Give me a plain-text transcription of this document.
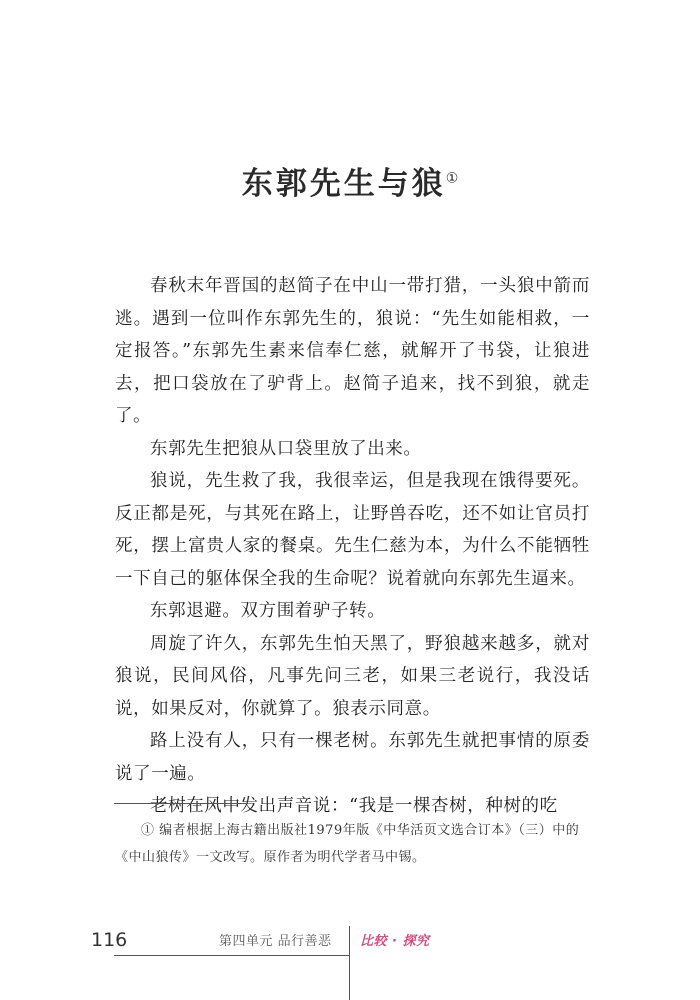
东郭先生与狼①

春秋末年晋国的赵简子在中山一带打猎，一头狼中箭而逃。遇到一位叫作东郭先生的，狼说：“先生如能相救，一定报答。”东郭先生素来信奉仁慈，就解开了书袋，让狼进去，把口袋放在了驴背上。赵简子追来，找不到狼，就走了。

东郭先生把狼从口袋里放了出来。

狼说，先生救了我，我很幸运，但是我现在饿得要死。反正都是死，与其死在路上，让野兽吞吃，还不如让官员打死，摆上富贵人家的餐桌。先生仁慈为本，为什么不能牺牲一下自己的躯体保全我的生命呢？说着就向东郭先生逼来。

东郭退避。双方围着驴子转。

周旋了许久，东郭先生怕天黑了，野狼越来越多，就对狼说，民间风俗，凡事先问三老，如果三老说行，我没话说，如果反对，你就算了。狼表示同意。

路上没有人，只有一棵老树。东郭先生就把事情的原委说了一遍。

老树在风中发出声音说：“我是一棵杏树，种树的吃

① 编者根据上海古籍出版社1979年版《中华活页文选合订本》（三）中的《中山狼传》一文改写。原作者为明代学者马中锡。

116	第四单元 品行善恶 比较 · 探究
